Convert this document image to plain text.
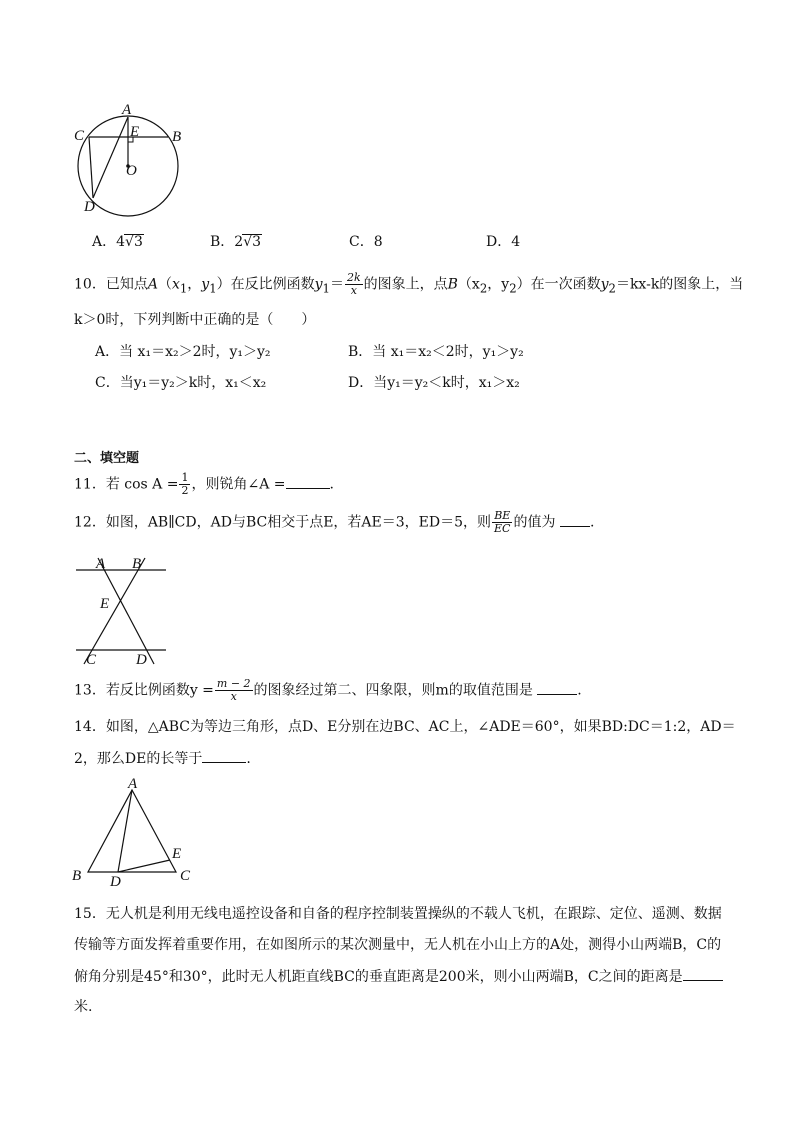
A
C	B
E
O
D
A．4√3	B．2√3	C．8	D．4
10．已知点$A(x_1$，$y_1$）在反比例函数$y_1= \frac{2k}{x}$ 的图象上，点$B(x_2$，$y_2$）在一次函数$y_2=kx-k$的图象上，当
k＞0时，下列判断中正确的是（　　）
A．当 x₁＝x₂＞2时，y₁＞y₂	B．当 x₁＝x₂＜2时，y₁＞y₂
C．当y₁＝y₂＞k时，x₁＜x₂	D．当y₁＝y₂＜k时，x₁＞x₂
二、填空题
11．若 $\cos A = \frac{1}{2}$ ，则锐角∠A =	.
12．如图，AB∥CD，AD与BC相交于点E，若AE＝3，ED＝5，则 $\frac{BE}{EC}$ 的值为 .
A B
E
C	D
13．若反比例函数$y = \frac{m - 2}{x}$ 的图象经过第二、四象限，则m的取值范围是	.
14．如图，△ABC为等边三角形，点D、E分别在边BC、AC上，∠ADE＝60°，如果BD:DC＝1:2，AD＝
2，那么DE的长等于	.
A
B	C
D
E
15．无人机是利用无线电遥控设备和自备的程序控制装置操纵的不载人飞机，在跟踪、定位、遥测、数据
传输等方面发挥着重要作用，在如图所示的某次测量中，无人机在小山上方的A处，测得小山两端B，C的
俯角分别是45°和30°，此时无人机距直线BC的垂直距离是200米，则小山两端B，C之间的距离是
米.
